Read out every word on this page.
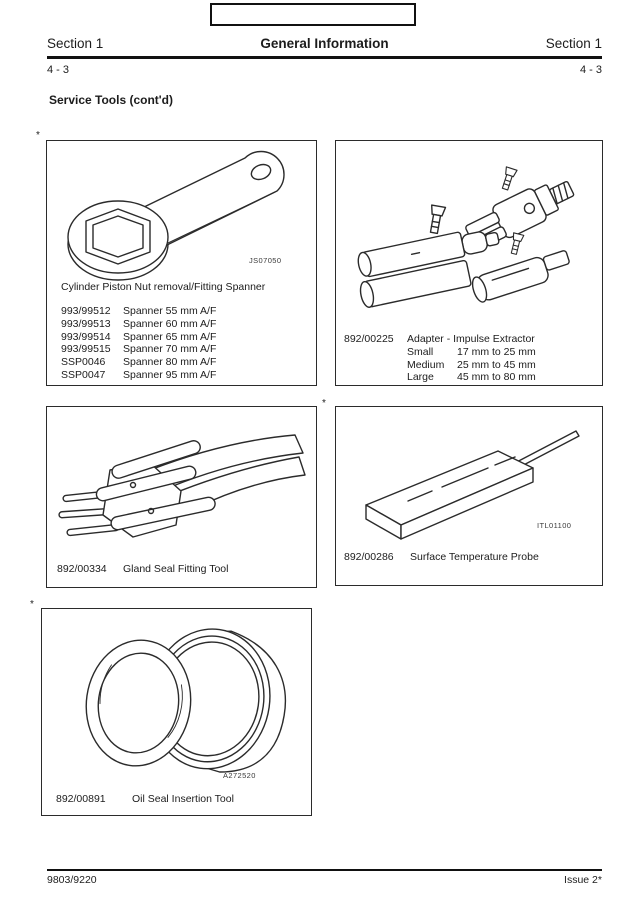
Section 1	General Information	Section 1
4 - 3	4 - 3
Service Tools (cont'd)
*
*
*
JS07050
Cylinder Piston Nut removal/Fitting Spanner
993/99512	Spanner 55 mm A/F
993/99513	Spanner 60 mm A/F
993/99514	Spanner 65 mm A/F
993/99515	Spanner 70 mm A/F
SSP0046	Spanner 80 mm A/F
SSP0047	Spanner 95 mm A/F
892/00225	Adapter - Impulse Extractor
Small	17 mm to 25 mm
Medium	25 mm to 45 mm
Large	45 mm to 80 mm
892/00334	Gland Seal Fitting Tool
ITL01100
892/00286	Surface Temperature Probe
A272520
892/00891	Oil Seal Insertion Tool
9803/9220	Issue 2*
